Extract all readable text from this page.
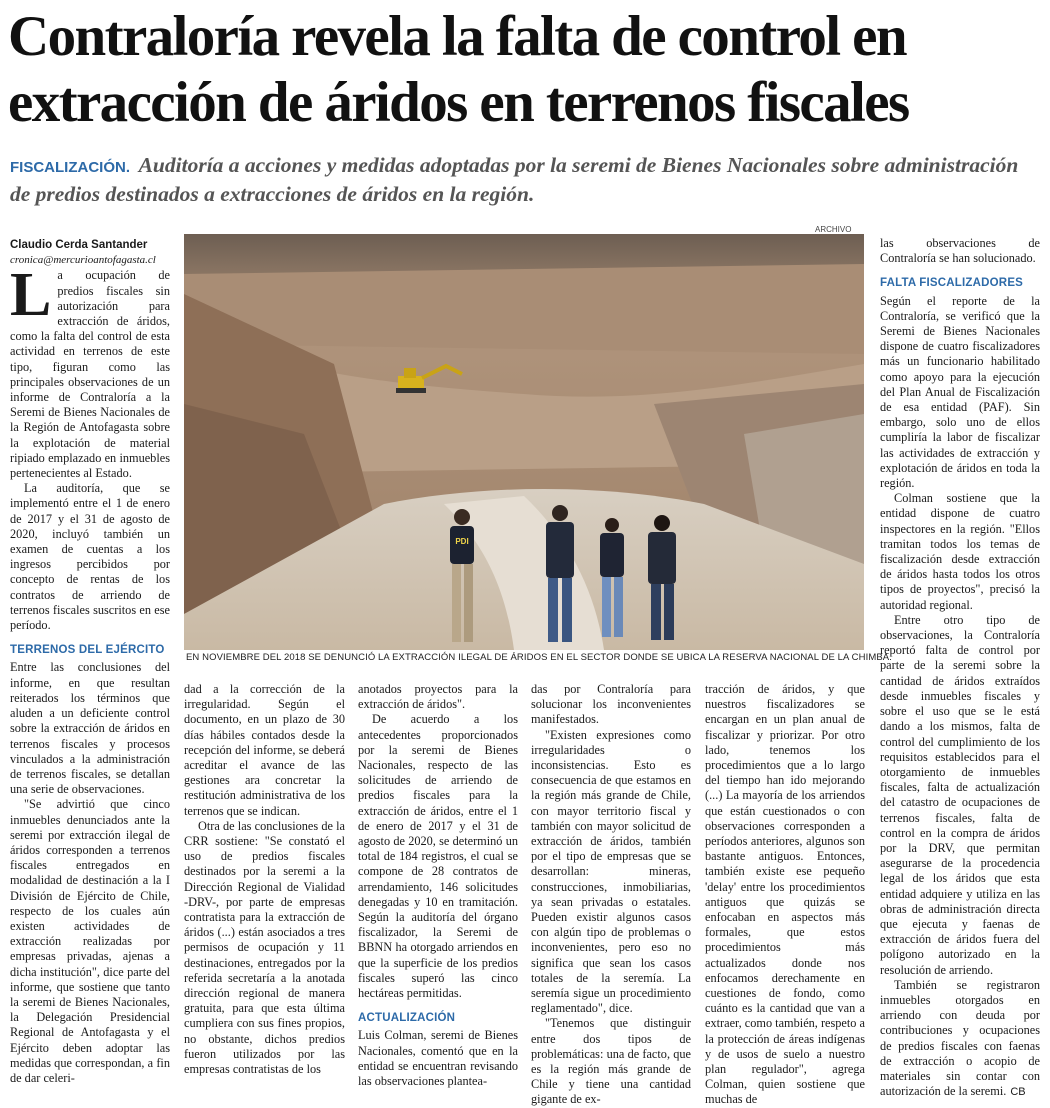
Contraloría revela la falta de control en extracción de áridos en terrenos fiscales
FISCALIZACIÓN. Auditoría a acciones y medidas adoptadas por la seremi de Bienes Nacionales sobre administración de predios destinados a extracciones de áridos en la región.

Claudio Cerda Santander

cronica@mercurioantofagasta.cl

La ocupación de predios fiscales sin autorización para extracción de áridos, como la falta del control de esta actividad en terrenos de este tipo, figuran como las principales observaciones de un informe de Contraloría a la Seremi de Bienes Nacionales de la Región de Antofagasta sobre la explotación de material ripiado emplazado en inmuebles pertenecientes al Estado.

La auditoría, que se implementó entre el 1 de enero de 2017 y el 31 de agosto de 2020, incluyó también un examen de cuentas a los ingresos percibidos por concepto de rentas de los contratos de arriendo de terrenos fiscales suscritos en ese período.

TERRENOS DEL EJÉRCITO

Entre las conclusiones del informe, en que resultan reiterados los términos que aluden a un deficiente control sobre la extracción de áridos en terrenos fiscales y procesos vinculados a la administración de terrenos fiscales, se detallan una serie de observaciones.

"Se advirtió que cinco inmuebles denunciados ante la seremi por extracción ilegal de áridos corresponden a terrenos fiscales entregados en modalidad de destinación a la I División de Ejército de Chile, respecto de los cuales aún existen actividades de extracción realizadas por empresas privadas, ajenas a dicha institución", dice parte del informe, que sostiene que tanto la seremi de Bienes Nacionales, la Delegación Presidencial Regional de Antofagasta y el Ejército deben adoptar las medidas que correspondan, a fin de dar celeri-

ARCHIVO
PDI
EN NOVIEMBRE DEL 2018 SE DENUNCIÓ LA EXTRACCIÓN ILEGAL DE ÁRIDOS EN EL SECTOR DONDE SE UBICA LA RESERVA NACIONAL DE LA CHIMBA.

dad a la corrección de la irregularidad. Según el documento, en un plazo de 30 días hábiles contados desde la recepción del informe, se deberá acreditar el avance de las gestiones ara concretar la restitución administrativa de los terrenos que se indican.

Otra de las conclusiones de la CRR sostiene: "Se constató el uso de predios fiscales destinados por la seremi a la Dirección Regional de Vialidad -DRV-, por parte de empresas contratista para la extracción de áridos (...) están asociados a tres permisos de ocupación y 11 destinaciones, entregados por la referida secretaría a la anotada dirección regional de manera gratuita, para que esta última cumpliera con sus fines propios, no obstante, dichos predios fueron utilizados por las empresas contratistas de los

anotados proyectos para la extracción de áridos".

De acuerdo a los antecedentes proporcionados por la seremi de Bienes Nacionales, respecto de las solicitudes de arriendo de predios fiscales para la extracción de áridos, entre el 1 de enero de 2017 y el 31 de agosto de 2020, se determinó un total de 184 registros, el cual se compone de 28 contratos de arrendamiento, 146 solicitudes denegadas y 10 en tramitación. Según la auditoría del órgano fiscalizador, la Seremi de BBNN ha otorgado arriendos en que la superficie de los predios fiscales superó las cinco hectáreas permitidas.

ACTUALIZACIÓN

Luis Colman, seremi de Bienes Nacionales, comentó que en la entidad se encuentran revisando las observaciones plantea-

das por Contraloría para solucionar los inconvenientes manifestados.

"Existen expresiones como irregularidades o inconsistencias. Esto es consecuencia de que estamos en la región más grande de Chile, con mayor territorio fiscal y también con mayor solicitud de extracción de áridos, también por el tipo de empresas que se desarrollan: mineras, construcciones, inmobiliarias, ya sean privadas o estatales. Pueden existir algunos casos con algún tipo de problemas o inconvenientes, pero eso no significa que sean los casos totales de la seremía. La seremía sigue un procedimiento reglamentado", dice.

"Tenemos que distinguir entre dos tipos de problemáticas: una de facto, que es la región más grande de Chile y tiene una cantidad gigante de ex-

tracción de áridos, y que nuestros fiscalizadores se encargan en un plan anual de fiscalizar y priorizar. Por otro lado, tenemos los procedimientos que a lo largo del tiempo han ido mejorando (...) La mayoría de los arriendos que están cuestionados o con observaciones corresponden a períodos anteriores, algunos son bastante antiguos. Entonces, también existe ese pequeño 'delay' entre los procedimientos antiguos que quizás se enfocaban en aspectos más formales, que estos procedimientos más actualizados donde nos enfocamos derechamente en cuestiones de fondo, como cuánto es la cantidad que van a extraer, como también, respeto a la protección de áreas indígenas y de usos de suelo a nuestro plan regulador", agrega Colman, quien sostiene que muchas de

las observaciones de Contraloría se han solucionado.

FALTA FISCALIZADORES

Según el reporte de la Contraloría, se verificó que la Seremi de Bienes Nacionales dispone de cuatro fiscalizadores más un funcionario habilitado como apoyo para la ejecución del Plan Anual de Fiscalización de esa entidad (PAF). Sin embargo, solo uno de ellos cumpliría la labor de fiscalizar las actividades de extracción y explotación de áridos en toda la región.

Colman sostiene que la entidad dispone de cuatro inspectores en la región. "Ellos tramitan todos los temas de fiscalización desde extracción de áridos hasta todos los otros tipos de proyectos", precisó la autoridad regional.

Entre otro tipo de observaciones, la Contraloría reportó falta de control por parte de la seremi sobre la cantidad de áridos extraídos desde inmuebles fiscales y sobre el uso que se le está dando a los mismos, falta de control del cumplimiento de los requisitos establecidos para el otorgamiento de inmuebles fiscales, falta de actualización del catastro de ocupaciones de terrenos fiscales, falta de control en la compra de áridos por la DRV, que permitan asegurarse de la procedencia legal de los áridos que esta entidad adquiere y utiliza en las obras de administración directa que ejecuta y faenas de extracción de áridos fuera del polígono autorizado en la resolución de arriendo.

También se registraron inmuebles otorgados en arriendo con deuda por contribuciones y ocupaciones de predios fiscales con faenas de extracción o acopio de materiales sin contar con autorización de la seremi. CB
